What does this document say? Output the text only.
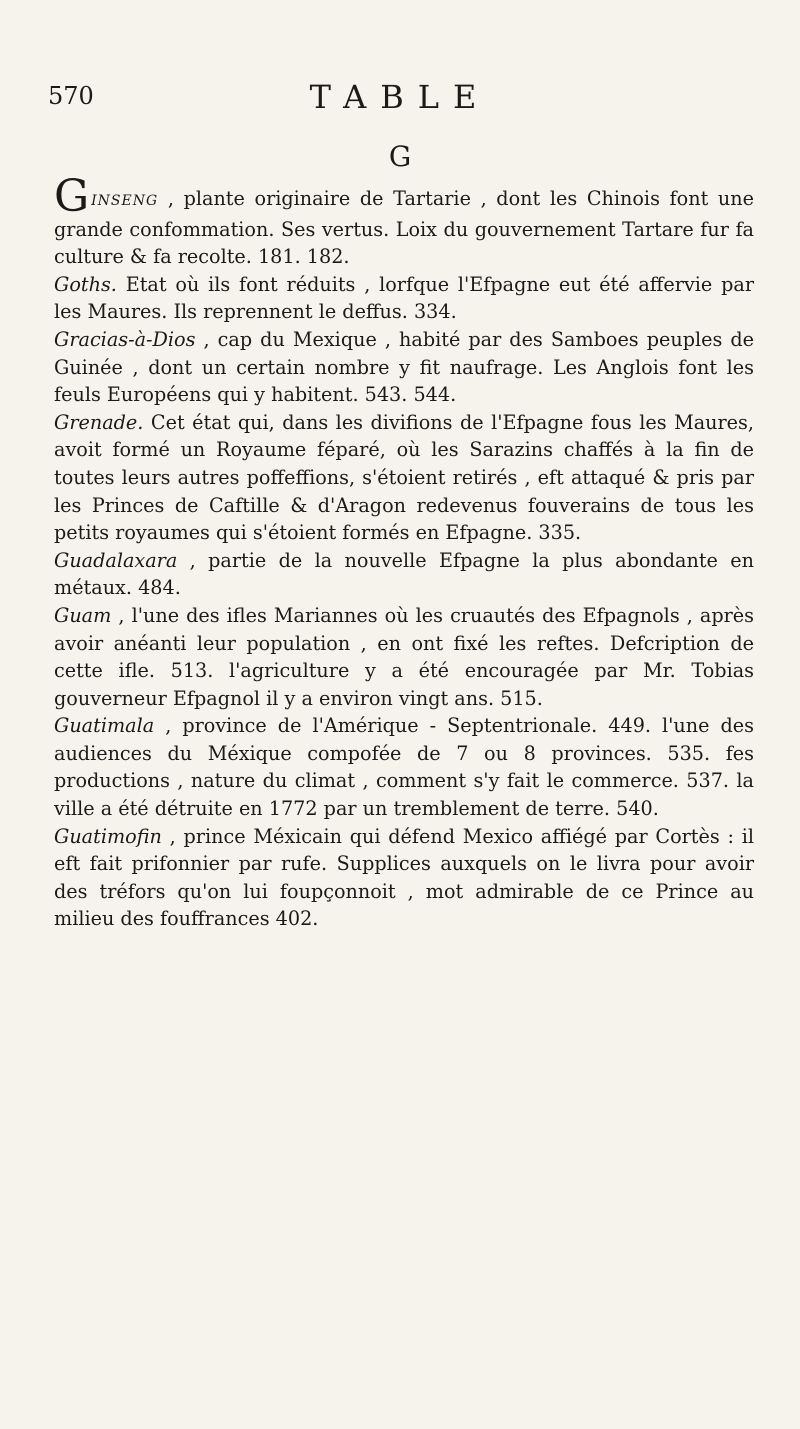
570	TABLE
G

GINSENG , plante originaire de Tartarie , dont les Chinois font une grande confommation. Ses vertus. Loix du gouvernement Tartare fur fa culture & fa recolte. 181. 182.

Goths. Etat où ils font réduits , lorfque l'Efpagne eut été affervie par les Maures. Ils reprennent le deffus. 334.

Gracias-à-Dios , cap du Mexique , habité par des Samboes peuples de Guinée , dont un certain nombre y fit naufrage. Les Anglois font les feuls Européens qui y habitent. 543. 544.

Grenade. Cet état qui, dans les divifions de l'Efpagne fous les Maures, avoit formé un Royaume féparé, où les Sarazins chaffés à la fin de toutes leurs autres poffeffions, s'étoient retirés , eft attaqué & pris par les Princes de Caftille & d'Aragon redevenus fouverains de tous les petits royaumes qui s'étoient formés en Efpagne. 335.

Guadalaxara , partie de la nouvelle Efpagne la plus abondante en métaux. 484.

Guam , l'une des ifles Mariannes où les cruautés des Efpagnols , après avoir anéanti leur population , en ont fixé les reftes. Defcription de cette ifle. 513. l'agriculture y a été encouragée par Mr. Tobias gouverneur Efpagnol il y a environ vingt ans. 515.

Guatimala , province de l'Amérique - Septentrionale. 449. l'une des audiences du Méxique compofée de 7 ou 8 provinces. 535. fes productions , nature du climat , comment s'y fait le commerce. 537. la ville a été détruite en 1772 par un tremblement de terre. 540.

Guatimofin , prince Méxicain qui défend Mexico affiégé par Cortès : il eft fait prifonnier par rufe. Supplices auxquels on le livra pour avoir des tréfors qu'on lui foupçonnoit , mot admirable de ce Prince au milieu des fouffrances 402.
